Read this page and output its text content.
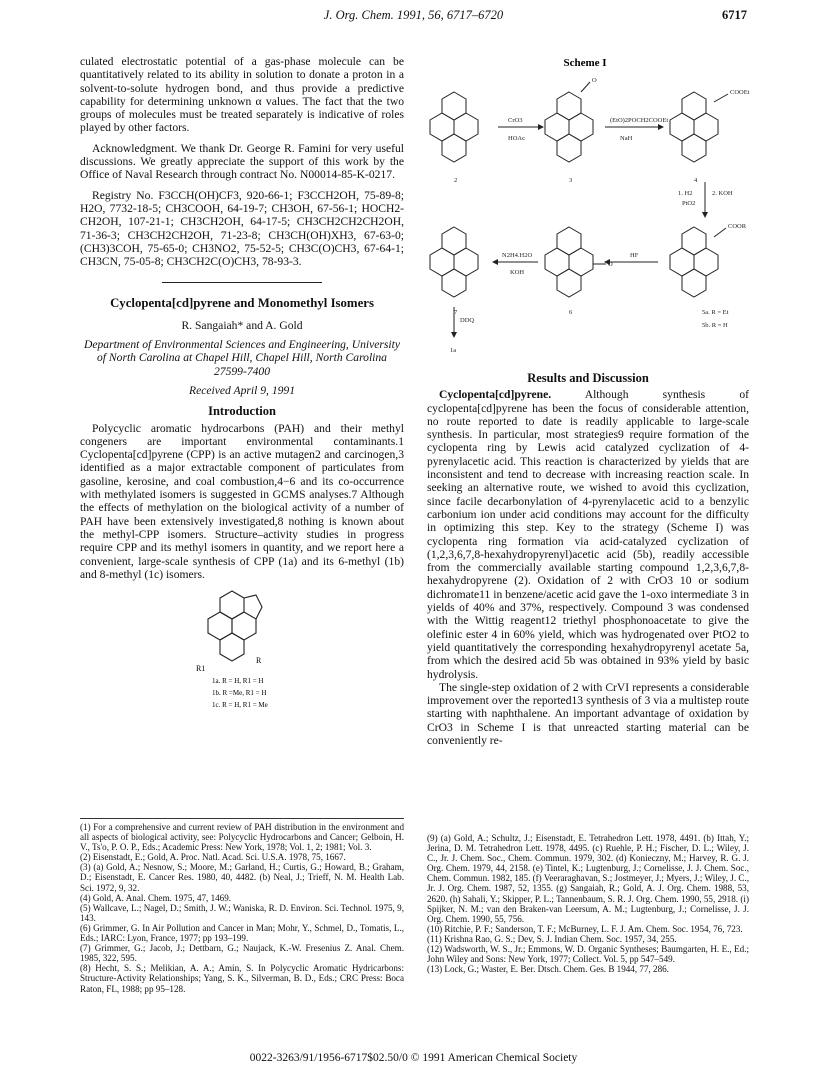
J. Org. Chem. 1991, 56, 6717–6720	6717

culated electrostatic potential of a gas-phase molecule can be quantitatively related to its ability in solution to donate a proton in a solvent-to-solute hydrogen bond, and thus provide a predictive capability for determining unknown α values. The fact that the two groups of molecules must be treated separately is indicative of roles played by other factors.

Acknowledgment. We thank Dr. George R. Famini for very useful discussions. We greatly appreciate the support of this work by the Office of Naval Research through contract No. N00014-85-K-0217.

Registry No. F3CCH(OH)CF3, 920-66-1; F3CCH2OH, 75-89-8; H2O, 7732-18-5; CH3COOH, 64-19-7; CH3OH, 67-56-1; HOCH2-CH2OH, 107-21-1; CH3CH2OH, 64-17-5; CH3CH2CH2CH2OH, 71-36-3; CH3CH2CH2OH, 71-23-8; CH3CH(OH)XH3, 67-63-0; (CH3)3COH, 75-65-0; CH3NO2, 75-52-5; CH3C(O)CH3, 67-64-1; CH3CN, 75-05-8; CH3CH2C(O)CH3, 78-93-3.

Cyclopenta[cd]pyrene and Monomethyl Isomers

R. Sangaiah* and A. Gold

Department of Environmental Sciences and Engineering, University of North Carolina at Chapel Hill, Chapel Hill, North Carolina 27599-7400

Received April 9, 1991

Introduction

Polycyclic aromatic hydrocarbons (PAH) and their methyl congeners are important environmental contaminants.1 Cyclopenta[cd]pyrene (CPP) is an active mutagen2 and carcinogen,3 identified as a major extractable component of particulates from gasoline, kerosine, and coal combustion,4−6 and its co-occurrence with methylated isomers is suggested in GCMS analyses.7 Although the effects of methylation on the biological activity of a number of PAH have been extensively investigated,8 nothing is known about the methyl-CPP isomers. Structure–activity studies in progress require CPP and its methyl isomers in quantity, and we report here a convenient, large-scale synthesis of CPP (1a) and its 6-methyl (1b) and 8-methyl (1c) isomers.

R1
R
1a. R = H, R1 = H
1b. R =Me, R1 = H
1c. R = H, R1 = Me
Scheme I
CrO3
HOAc
(EtO)2POCH2COOEt
NaH
1. H2
PtO2
2. KOH
N2H4.H2O
KOH
HF
DDQ
2	3	4
COOEt
O
COOR
5a. R = Et
5b. R = H
6
7
1a
O
Results and Discussion

Cyclopenta[cd]pyrene. Although synthesis of cyclopenta[cd]pyrene has been the focus of considerable attention, no route reported to date is readily applicable to large-scale synthesis. In particular, most strategies9 require formation of the cyclopenta ring by Lewis acid catalyzed cyclization of 4-pyrenylacetic acid. This reaction is characterized by yields that are inconsistent and tend to decrease with increasing reaction scale. In seeking an alternative route, we wished to avoid this cyclization, since facile decarbonylation of 4-pyrenylacetic acid to a benzylic carbonium ion under acid conditions may account for the difficulty in optimizing this step. Key to the strategy (Scheme I) was cyclopenta ring formation via acid-catalyzed cyclization of (1,2,3,6,7,8-hexahydropyrenyl)acetic acid (5b), readily accessible from the commercially available starting compound 1,2,3,6,7,8-hexahydropyrene (2). Oxidation of 2 with CrO3 10 or sodium dichromate11 in benzene/acetic acid gave the 1-oxo intermediate 3 in yields of 40% and 37%, respectively. Compound 3 was condensed with the Wittig reagent12 triethyl phosphonoacetate to give the olefinic ester 4 in 60% yield, which was hydrogenated over PtO2 to yield quantitatively the corresponding hexahydropyrenyl acetate 5a, from which the desired acid 5b was obtained in 93% yield by basic hydrolysis.

The single-step oxidation of 2 with CrVI represents a considerable improvement over the reported13 synthesis of 3 via a multistep route starting with naphthalene. An important advantage of oxidation by CrO3 in Scheme I is that unreacted starting material can be conveniently re-

(1) For a comprehensive and current review of PAH distribution in the environment and all aspects of biological activity, see: Polycyclic Hydrocarbons and Cancer; Gelboin, H. V., Ts'o, P. O. P., Eds.; Academic Press: New York, 1978; Vol. 1, 2; 1981; Vol. 3.

(2) Eisenstadt, E.; Gold, A. Proc. Natl. Acad. Sci. U.S.A. 1978, 75, 1667.

(3) (a) Gold, A.; Nesnow, S.; Moore, M.; Garland, H.; Curtis, G.; Howard, B.; Graham, D.; Eisenstadt, E. Cancer Res. 1980, 40, 4482. (b) Neal, J.; Trieff, N. M. Health Lab. Sci. 1972, 9, 32.

(4) Gold, A. Anal. Chem. 1975, 47, 1469.

(5) Wallcave, L.; Nagel, D.; Smith, J. W.; Waniska, R. D. Environ. Sci. Technol. 1975, 9, 143.

(6) Grimmer, G. In Air Pollution and Cancer in Man; Mohr, Y., Schmel, D., Tomatis, L., Eds.; IARC: Lyon, France, 1977; pp 193–199.

(7) Grimmer, G.; Jacob, J.; Dettbarn, G.; Naujack, K.-W. Fresenius Z. Anal. Chem. 1985, 322, 595.

(8) Hecht, S. S.; Melikian, A. A.; Amin, S. In Polycyclic Aromatic Hydricarbons: Structure-Activity Relationships; Yang, S. K., Silverman, B. D., Eds.; CRC Press: Boca Raton, FL, 1988; pp 95–128.

(9) (a) Gold, A.; Schultz, J.; Eisenstadt, E. Tetrahedron Lett. 1978, 4491. (b) Ittah, Y.; Jerina, D. M. Tetrahedron Lett. 1978, 4495. (c) Ruehle, P. H.; Fischer, D. L.; Wiley, J. C., Jr. J. Chem. Soc., Chem. Commun. 1979, 302. (d) Konieczny, M.; Harvey, R. G. J. Org. Chem. 1979, 44, 2158. (e) Tintel, K.; Lugtenburg, J.; Cornelisse, J. J. Chem. Soc., Chem. Commun. 1982, 185. (f) Veeraraghavan, S.; Jostmeyer, J.; Myers, J.; Wiley, J. C., Jr. J. Org. Chem. 1987, 52, 1355. (g) Sangaiah, R.; Gold, A. J. Org. Chem. 1988, 53, 2620. (h) Sahali, Y.; Skipper, P. L.; Tannenbaum, S. R. J. Org. Chem. 1990, 55, 2918. (i) Spijker, N. M.; van den Braken-van Leersum, A. M.; Lugtenburg, J.; Cornelisse, J. J. Org. Chem. 1990, 55, 756.

(10) Ritchie, P. F.; Sanderson, T. F.; McBurney, L. F. J. Am. Chem. Soc. 1954, 76, 723.

(11) Krishna Rao, G. S.; Dev, S. J. Indian Chem. Soc. 1957, 34, 255.

(12) Wadsworth, W. S., Jr.; Emmons, W. D. Organic Syntheses; Baumgarten, H. E., Ed.; John Wiley and Sons: New York, 1977; Collect. Vol. 5, pp 547–549.

(13) Lock, G.; Waster, E. Ber. Dtsch. Chem. Ges. B 1944, 77, 286.

0022-3263/91/1956-6717$02.50/0 © 1991 American Chemical Society
